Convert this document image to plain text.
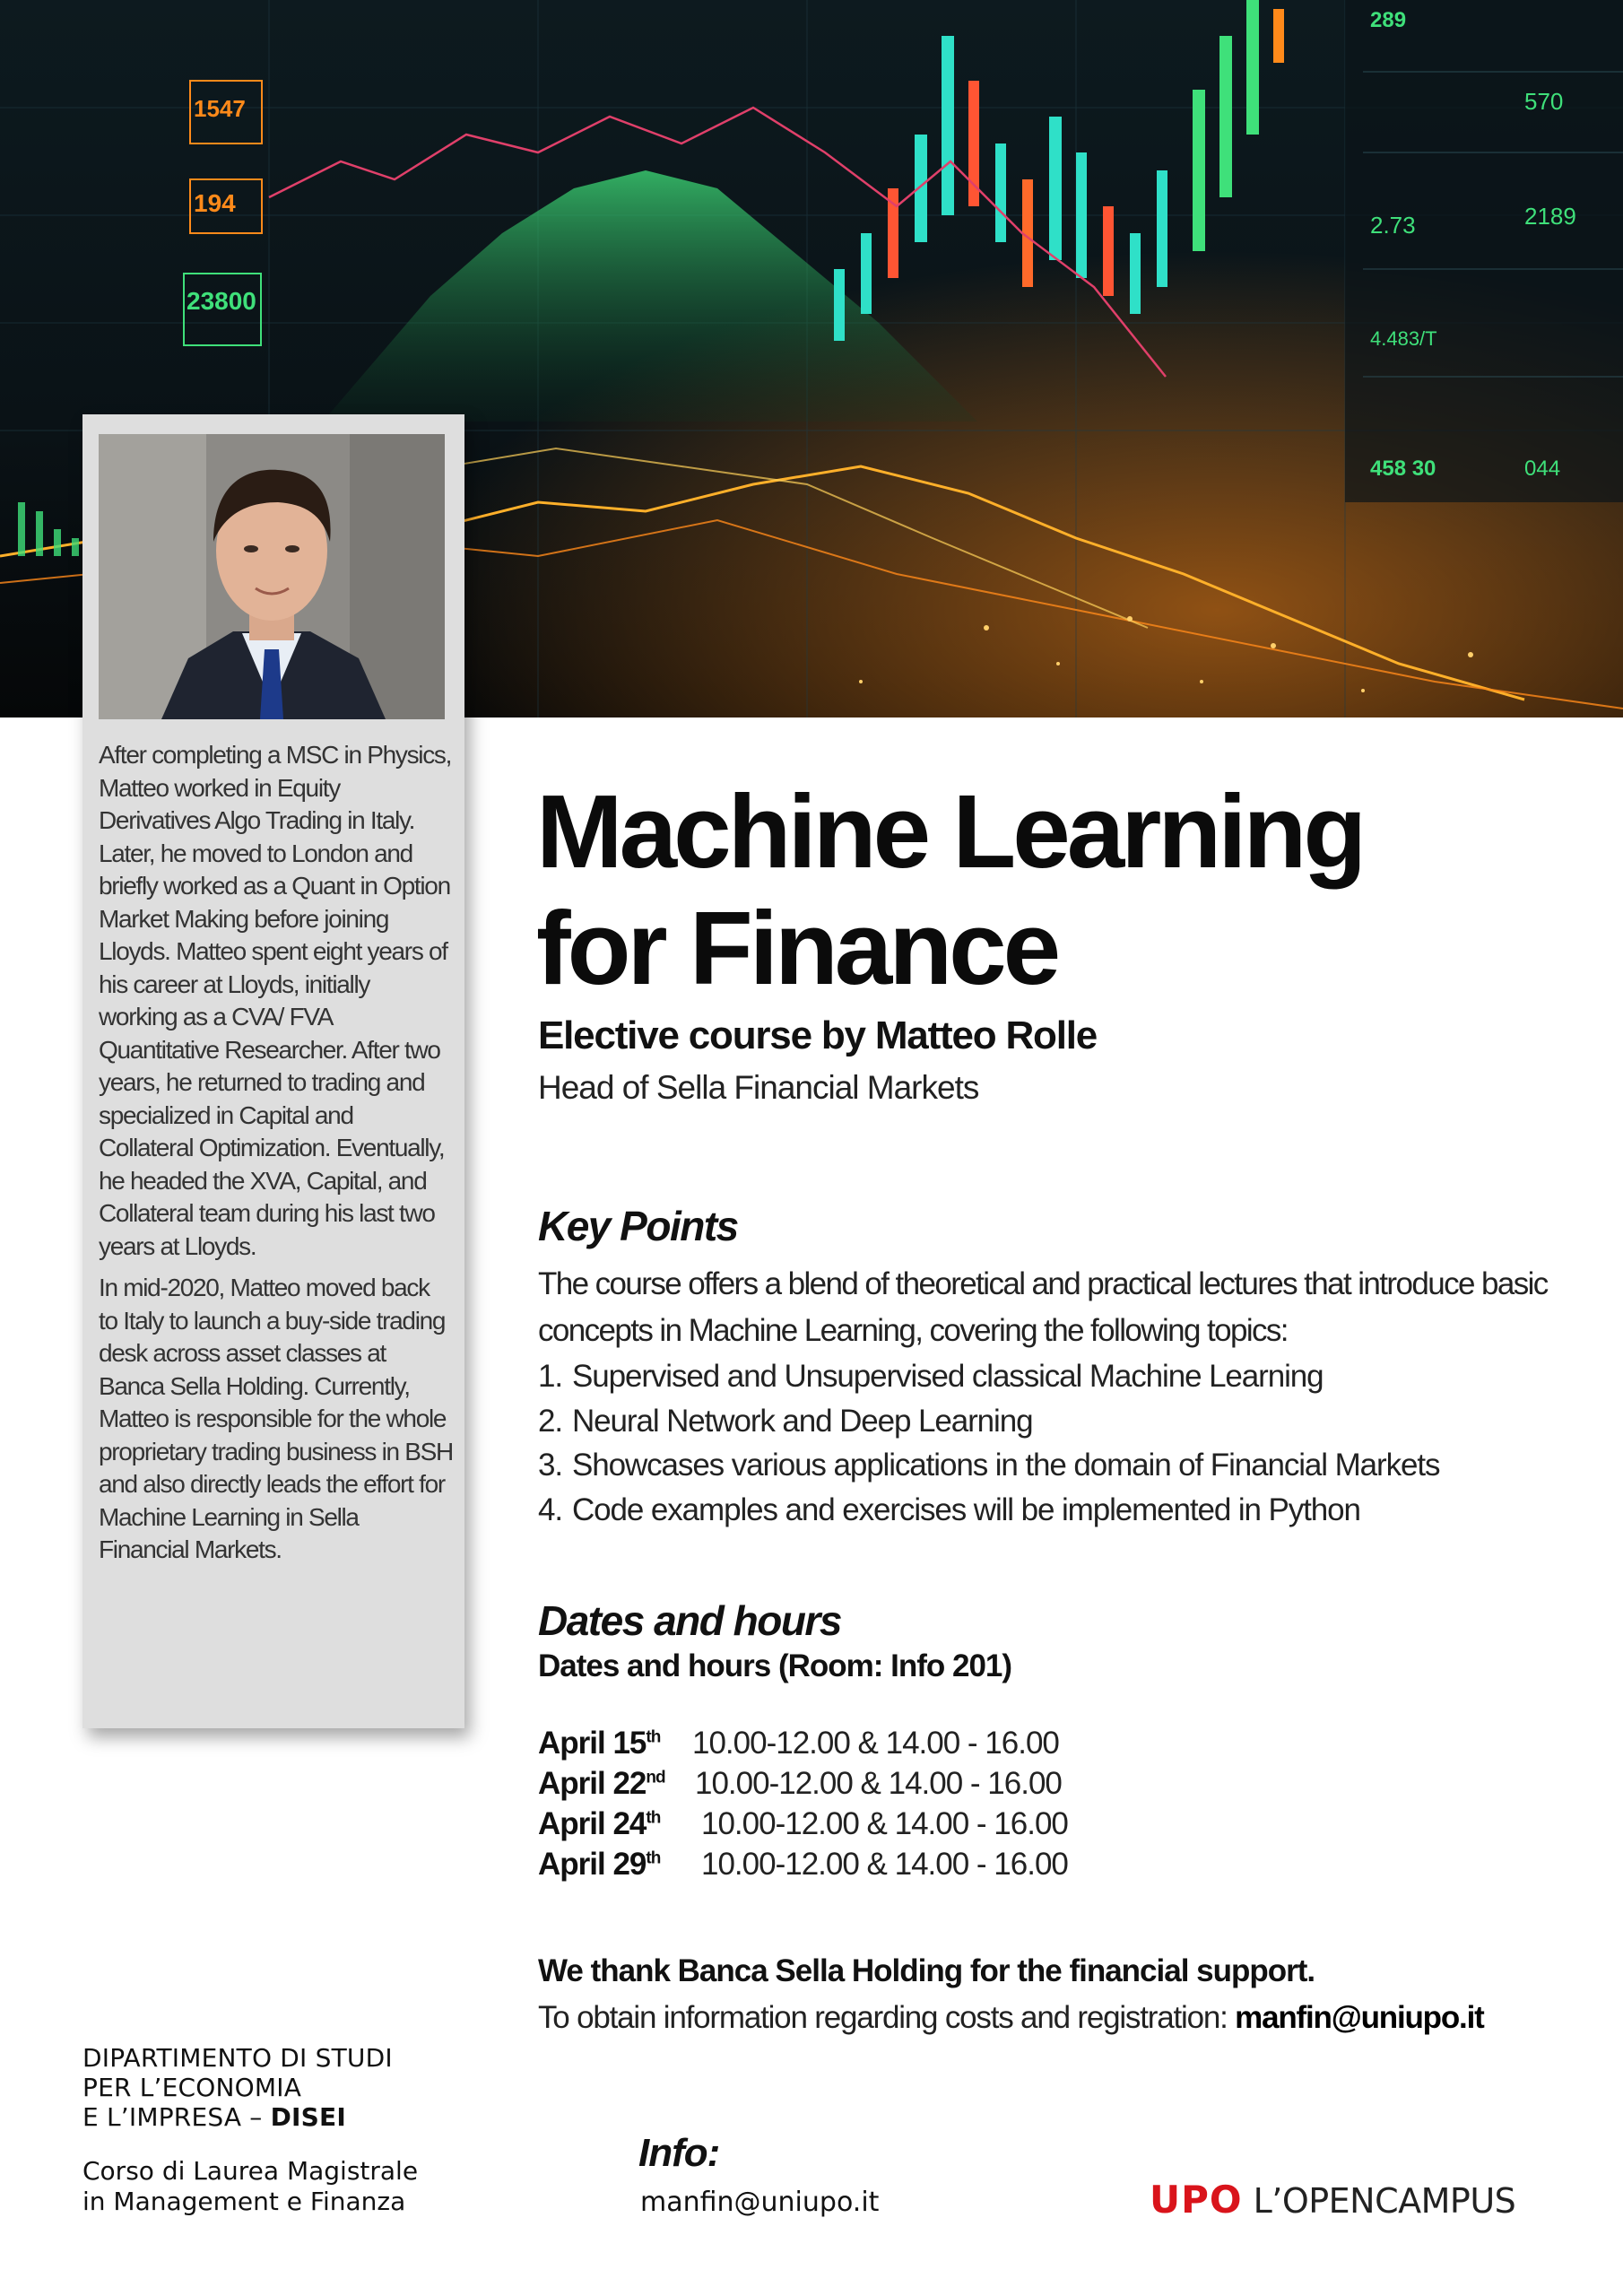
1547
194
23800
289
570
2.73	2189
4.483/T
458 30	044

After completing a MSC in Physics, Matteo worked in Equity Derivatives Algo Trading in Italy. Later, he moved to London and briefly worked as a Quant in Option Market Making before joining Lloyds. Matteo spent eight years of his career at Lloyds, initially working as a CVA/ FVA Quantitative Researcher. After two years, he returned to trading and specialized in Capital and Collateral Optimization. Eventually, he headed the XVA, Capital, and Collateral team during his last two years at Lloyds.

In mid-2020, Matteo moved back to Italy to launch a buy-side trading desk across asset classes at Banca Sella Holding. Currently, Matteo is responsible for the whole proprietary trading business in BSH and also directly leads the effort for Machine Learning in Sella Financial Markets.

Machine Learning
for Finance
Elective course by Matteo Rolle
Head of Sella Financial Markets
Key Points

The course offers a blend of theoretical and practical lectures that introduce basic concepts in Machine Learning, covering the following topics:

1. Supervised and Unsupervised classical Machine Learning
2. Neural Network and Deep Learning
3. Showcases various applications in the domain of Financial Markets
4. Code examples and exercises will be implemented in Python
Dates and hours
Dates and hours (Room: Info 201)
April 15th	10.00-12.00 & 14.00 - 16.00
April 22nd 10.00-12.00 & 14.00 - 16.00
April 24th	10.00-12.00 & 14.00 - 16.00
April 29th	10.00-12.00 & 14.00 - 16.00
We thank Banca Sella Holding for the financial support.
To obtain information regarding costs and registration: manfin@uniupo.it
DIPARTIMENTO DI STUDI
PER L’ECONOMIA
E L’IMPRESA – DISEI
Corso di Laurea Magistrale
in Management e Finanza
Info:
manfin@uniupo.it	UPO L’OPENCAMPUS
